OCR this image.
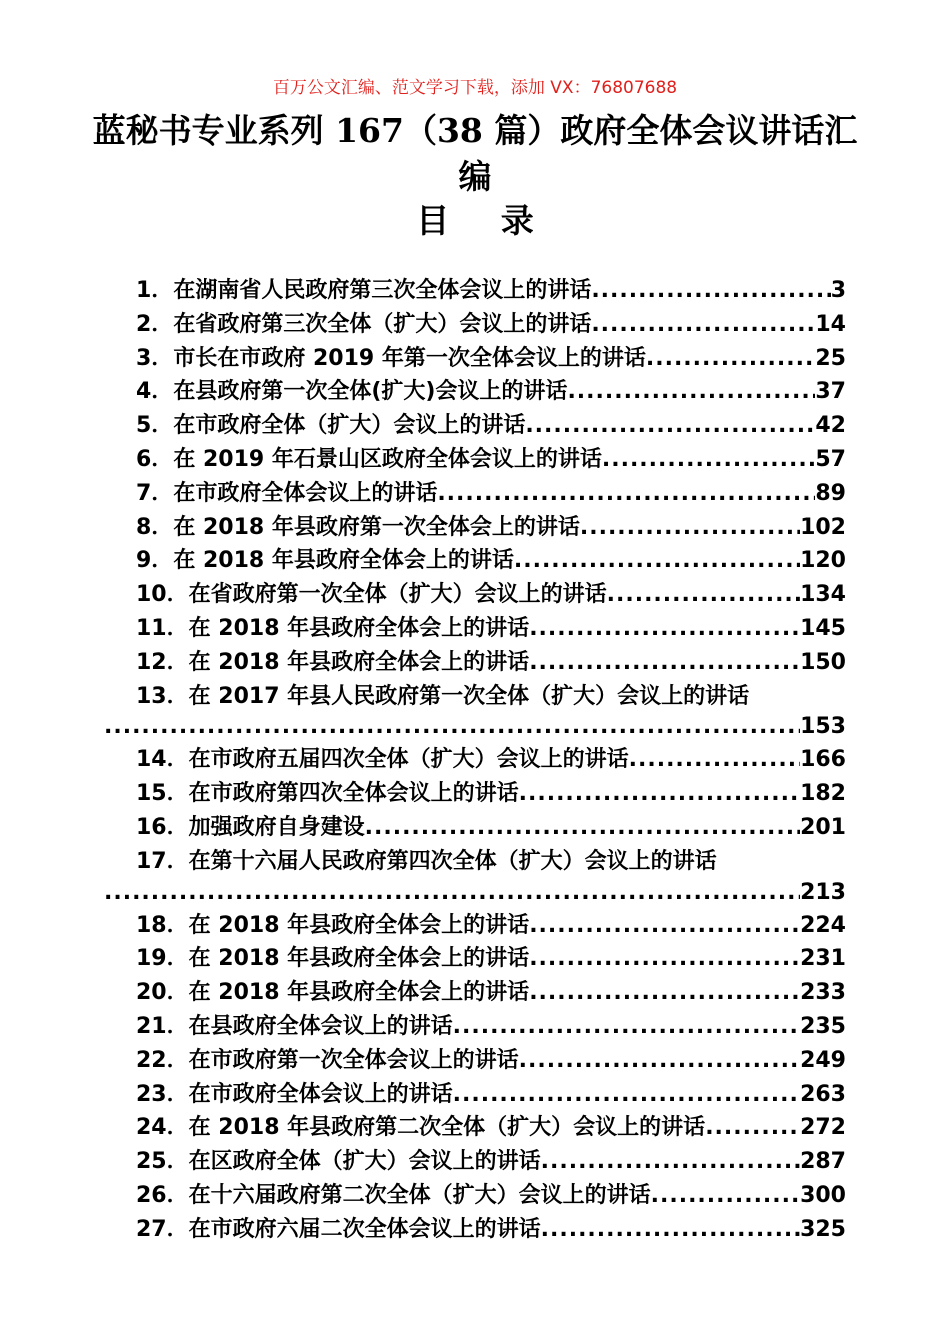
百万公文汇编、范文学习下载，添加 VX：76807688
蓝秘书专业系列 167（38 篇）政府全体会议讲话汇编
目 录
1． 在湖南省人民政府第三次全体会议上的讲话 .....	3
2． 在省政府第三次全体（扩大）会议上的讲话 .....	14
3． 市长在市政府 2019 年第一次全体会议上的讲话 .....	25
4． 在县政府第一次全体(扩大)会议上的讲话 .....	37
5． 在市政府全体（扩大）会议上的讲话 .....	42
6． 在 2019 年石景山区政府全体会议上的讲话 .....	57
7． 在市政府全体会议上的讲话 .....	89
8． 在 2018 年县政府第一次全体会上的讲话 .....	102
9． 在 2018 年县政府全体会上的讲话 .....	120
10． 在省政府第一次全体（扩大）会议上的讲话 .....	134
11． 在 2018 年县政府全体会上的讲话 .....	145
12． 在 2018 年县政府全体会上的讲话 .....	150
13． 在 2017 年县人民政府第一次全体（扩大）会议上的讲话
.....
153
14． 在市政府五届四次全体（扩大）会议上的讲话 .....	166
15． 在市政府第四次全体会议上的讲话 .....	182
16． 加强政府自身建设 .....	201
17． 在第十六届人民政府第四次全体（扩大）会议上的讲话
.....
213
18． 在 2018 年县政府全体会上的讲话 .....	224
19． 在 2018 年县政府全体会上的讲话 .....	231
20． 在 2018 年县政府全体会上的讲话 .....	233
21． 在县政府全体会议上的讲话 .....	235
22． 在市政府第一次全体会议上的讲话 .....	249
23． 在市政府全体会议上的讲话 .....	263
24． 在 2018 年县政府第二次全体（扩大）会议上的讲话 .....	272
25． 在区政府全体（扩大）会议上的讲话 .....	287
26． 在十六届政府第二次全体（扩大）会议上的讲话 .....	300
27． 在市政府六届二次全体会议上的讲话 .....	325
